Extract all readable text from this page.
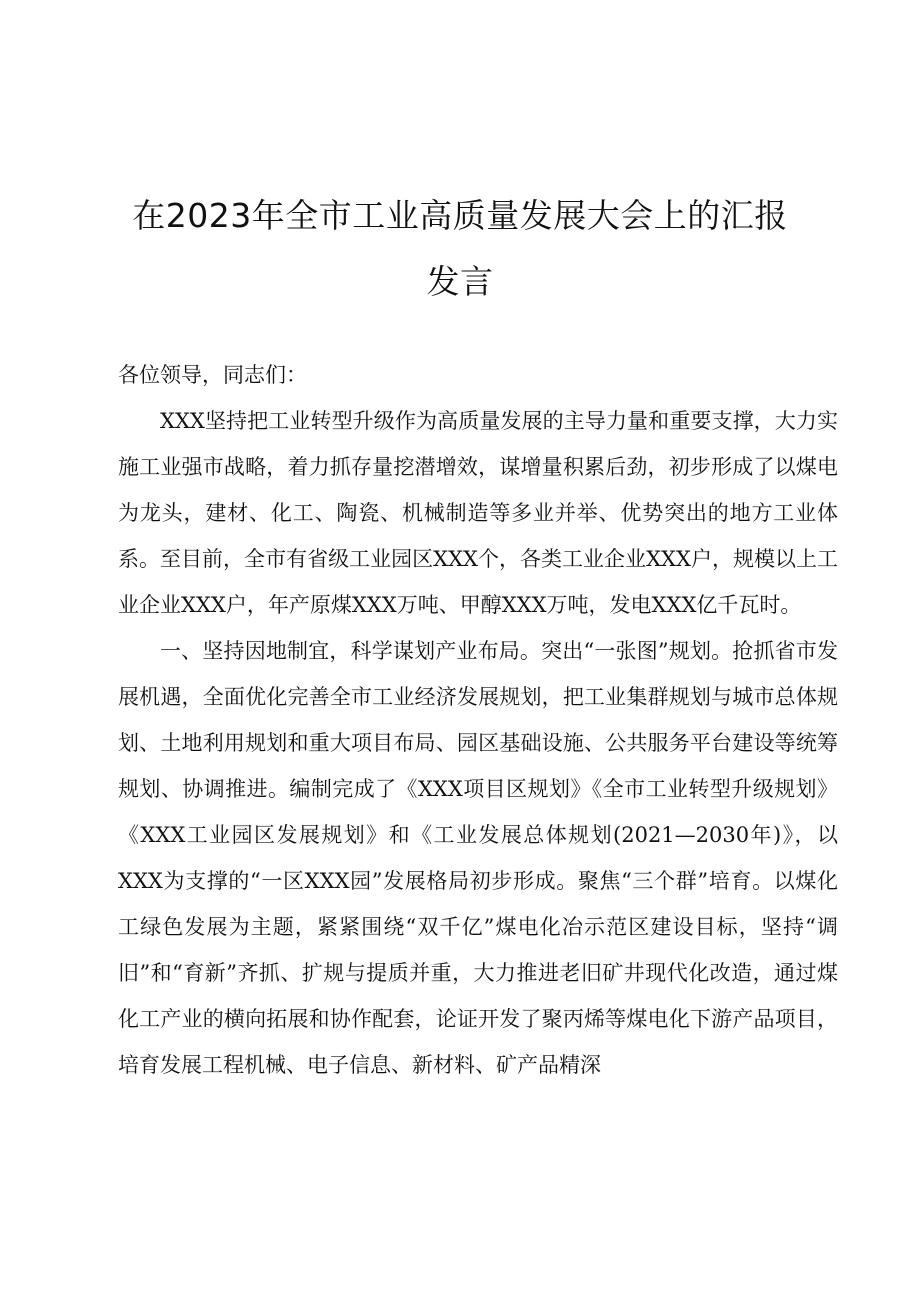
在2023年全市工业高质量发展大会上的汇报
发言

各位领导，同志们：

XXX坚持把工业转型升级作为高质量发展的主导力量和重要支撑，大力实施工业强市战略，着力抓存量挖潜增效，谋增量积累后劲，初步形成了以煤电为龙头，建材、化工、陶瓷、机械制造等多业并举、优势突出的地方工业体系。至目前，全市有省级工业园区XXX个，各类工业企业XXX户，规模以上工业企业XXX户，年产原煤XXX万吨、甲醇XXX万吨，发电XXX亿千瓦时。

一、坚持因地制宜，科学谋划产业布局。突出“一张图”规划。抢抓省市发展机遇，全面优化完善全市工业经济发展规划，把工业集群规划与城市总体规划、土地利用规划和重大项目布局、园区基础设施、公共服务平台建设等统筹规划、协调推进。编制完成了《XXX项目区规划》《全市工业转型升级规划》《XXX工业园区发展规划》和《工业发展总体规划(2021—2030年)》，以XXX为支撑的“一区XXX园”发展格局初步形成。聚焦“三个群”培育。以煤化工绿色发展为主题，紧紧围绕“双千亿”煤电化冶示范区建设目标，坚持“调旧”和“育新”齐抓、扩规与提质并重，大力推进老旧矿井现代化改造，通过煤化工产业的横向拓展和协作配套，论证开发了聚丙烯等煤电化下游产品项目，培育发展工程机械、电子信息、新材料、矿产品精深
